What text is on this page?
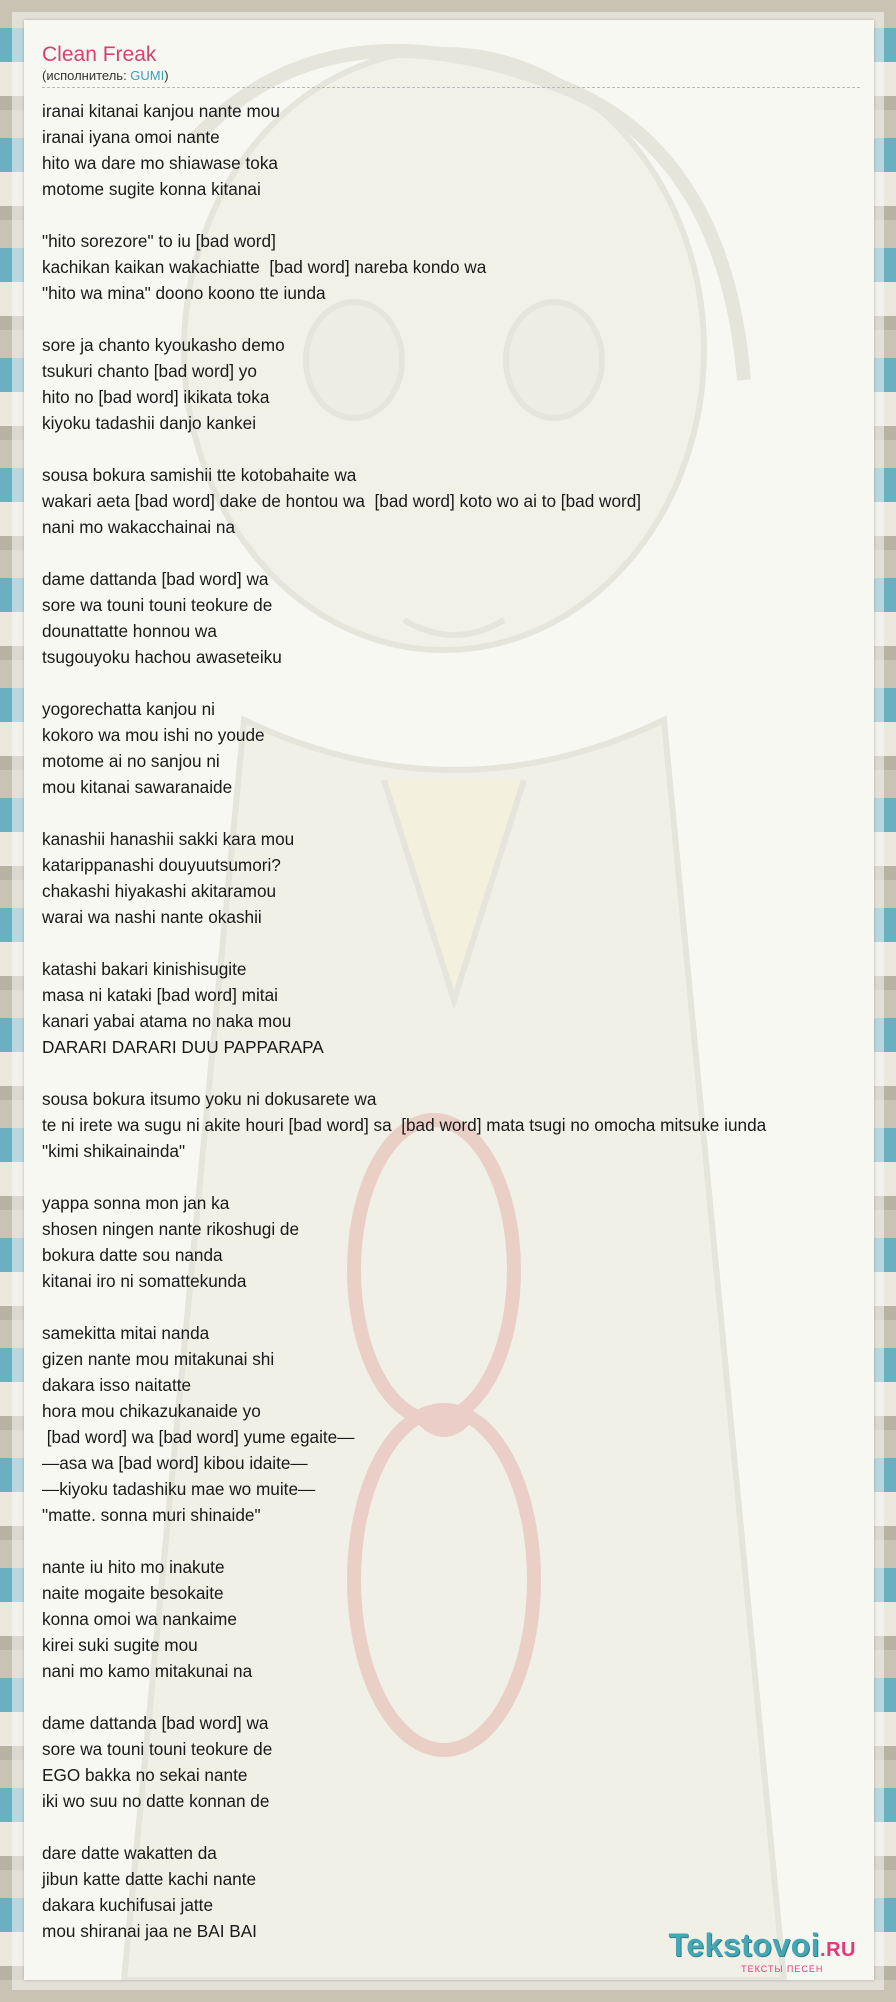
Clean Freak
(исполнитель: GUMI)
iranai kitanai kanjou nante mou
iranai iyana omoi nante
hito wa dare mo shiawase toka
motome sugite konna kitanai
"hito sorezore" to iu [bad word]
kachikan kaikan wakachiatte  [bad word] nareba kondo wa
"hito wa mina" doono koono tte iunda
sore ja chanto kyoukasho demo
tsukuri chanto [bad word] yo
hito no [bad word] ikikata toka
kiyoku tadashii danjo kankei
sousa bokura samishii tte kotobahaite wa
wakari aeta [bad word] dake de hontou wa  [bad word] koto wo ai to [bad word]
nani mo wakacchainai na
dame dattanda [bad word] wa
sore wa touni touni teokure de
dounattatte honnou wa
tsugouyoku hachou awaseteiku
yogorechatta kanjou ni
kokoro wa mou ishi no youde
motome ai no sanjou ni
mou kitanai sawaranaide
kanashii hanashii sakki kara mou
katarippanashi douyuutsumori?
chakashi hiyakashi akitaramou
warai wa nashi nante okashii
katashi bakari kinishisugite
masa ni kataki [bad word] mitai
kanari yabai atama no naka mou
DARARI DARARI DUU PAPPARAPA
sousa bokura itsumo yoku ni dokusarete wa
te ni irete wa sugu ni akite houri [bad word] sa  [bad word] mata tsugi no omocha mitsuke iunda
"kimi shikainainda"
yappa sonna mon jan ka
shosen ningen nante rikoshugi de
bokura datte sou nanda
kitanai iro ni somattekunda
samekitta mitai nanda
gizen nante mou mitakunai shi
dakara isso naitatte
hora mou chikazukanaide yo
[bad word] wa [bad word] yume egaite—
—asa wa [bad word] kibou idaite—
—kiyoku tadashiku mae wo muite—
"matte. sonna muri shinaide"
nante iu hito mo inakute
naite mogaite besokaite
konna omoi wa nankaime
kirei suki sugite mou
nani mo kamo mitakunai na
dame dattanda [bad word] wa
sore wa touni touni teokure de
EGO bakka no sekai nante
iki wo suu no datte konnan de
dare datte wakatten da
jibun katte datte kachi nante
dakara kuchifusai jatte
mou shiranai jaa ne BAI BAI	Tekstovoi.RU
ТЕКСТЫ ПЕСЕН
